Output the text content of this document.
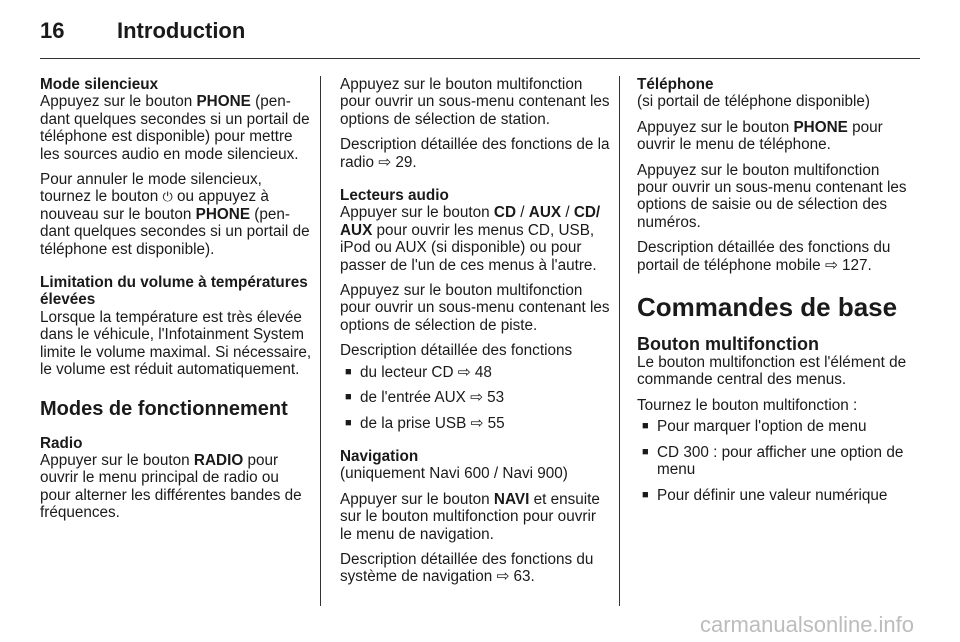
16 Introduction

Mode silencieux

Appuyez sur le bouton PHONE (pendant quelques secondes si un portail de téléphone est disponible) pour mettre les sources audio en mode silencieux.

Pour annuler le mode silencieux, tournez le bouton ⏻ ou appuyez à nouveau sur le bouton PHONE (pendant quelques secondes si un portail de téléphone est disponible).

Limitation du volume à températures élevées

Lorsque la température est très élevée dans le véhicule, l'Infotainment System limite le volume maximal. Si nécessaire, le volume est réduit automatiquement.

Modes de fonctionnement

Radio

Appuyer sur le bouton RADIO pour ouvrir le menu principal de radio ou pour alterner les différentes bandes de fréquences.

Appuyez sur le bouton multifonction pour ouvrir un sous-menu contenant les options de sélection de station.

Description détaillée des fonctions de la radio ⇨ 29.

Lecteurs audio

Appuyer sur le bouton CD / AUX / CD/ AUX pour ouvrir les menus CD, USB, iPod ou AUX (si disponible) ou pour passer de l'un de ces menus à l'autre.

Appuyez sur le bouton multifonction pour ouvrir un sous-menu contenant les options de sélection de piste.

Description détaillée des fonctions

■ du lecteur CD ⇨ 48
■ de l'entrée AUX ⇨ 53
■ de la prise USB ⇨ 55

Navigation

(uniquement Navi 600 / Navi 900)

Appuyer sur le bouton NAVI et ensuite sur le bouton multifonction pour ouvrir le menu de navigation.

Description détaillée des fonctions du système de navigation ⇨ 63.

Téléphone

(si portail de téléphone disponible)

Appuyez sur le bouton PHONE pour ouvrir le menu de téléphone.

Appuyez sur le bouton multifonction pour ouvrir un sous-menu contenant les options de saisie ou de sélection des numéros.

Description détaillée des fonctions du portail de téléphone mobile ⇨ 127.

Commandes de base

Bouton multifonction

Le bouton multifonction est l'élément de commande central des menus.

Tournez le bouton multifonction :

■ Pour marquer l'option de menu
■ CD 300 : pour afficher une option de menu
■ Pour définir une valeur numérique
carmanualsonline.info
